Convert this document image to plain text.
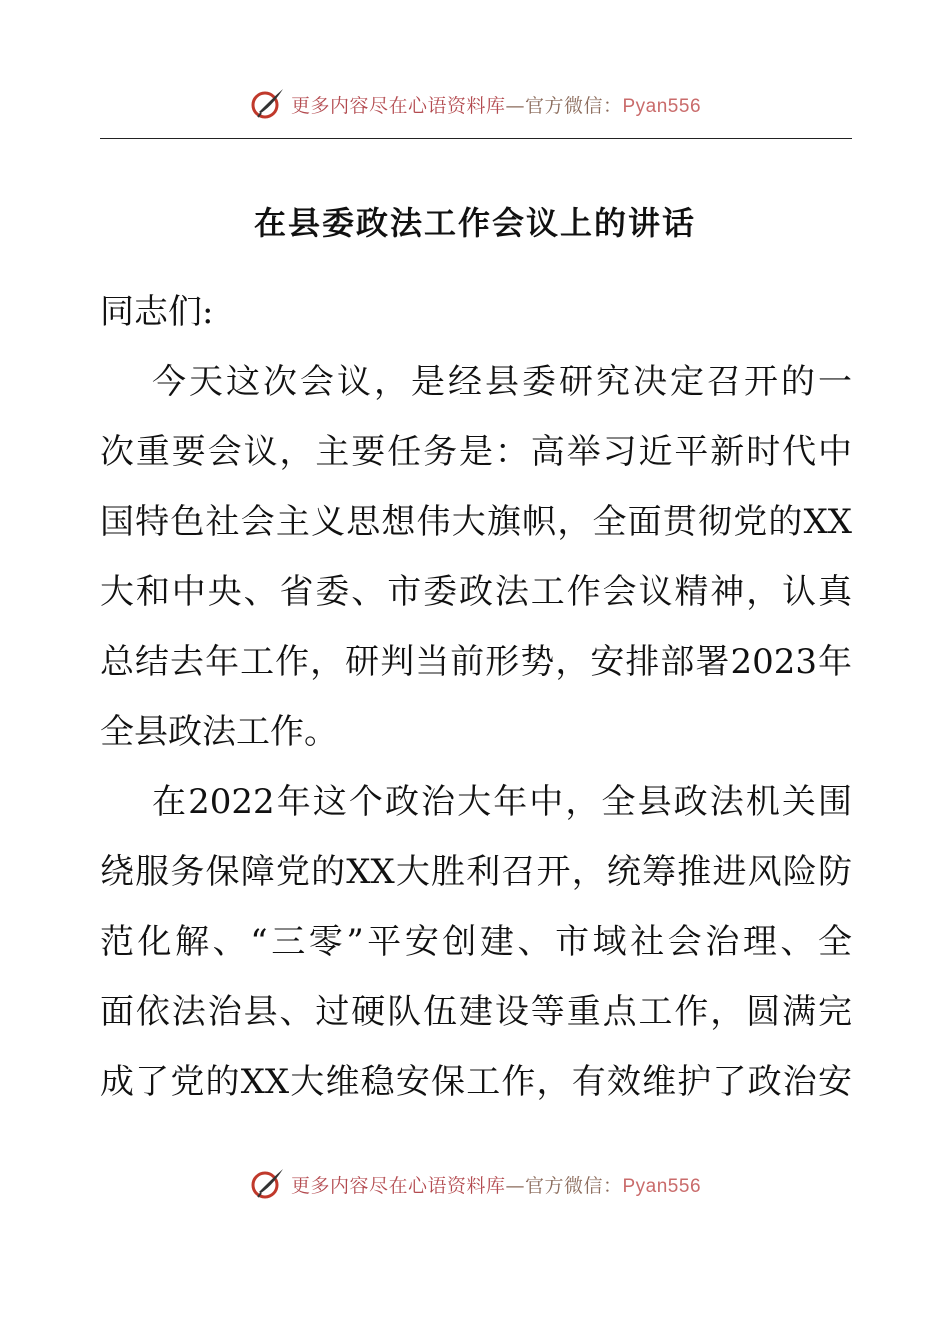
更多内容尽在心语资料库—官方微信：Pyan556
在县委政法工作会议上的讲话
同志们:
今天这次会议，是经县委研究决定召开的一
次重要会议，主要任务是：高举习近平新时代中
国特色社会主义思想伟大旗帜，全面贯彻党的XX
大和中央、省委、市委政法工作会议精神，认真
总结去年工作，研判当前形势，安排部署2023年
全县政法工作。
在2022年这个政治大年中，全县政法机关围
绕服务保障党的XX大胜利召开，统筹推进风险防
范化解、“三零”平安创建、市域社会治理、全
面依法治县、过硬队伍建设等重点工作，圆满完
成了党的XX大维稳安保工作，有效维护了政治安
更多内容尽在心语资料库—官方微信：Pyan556
